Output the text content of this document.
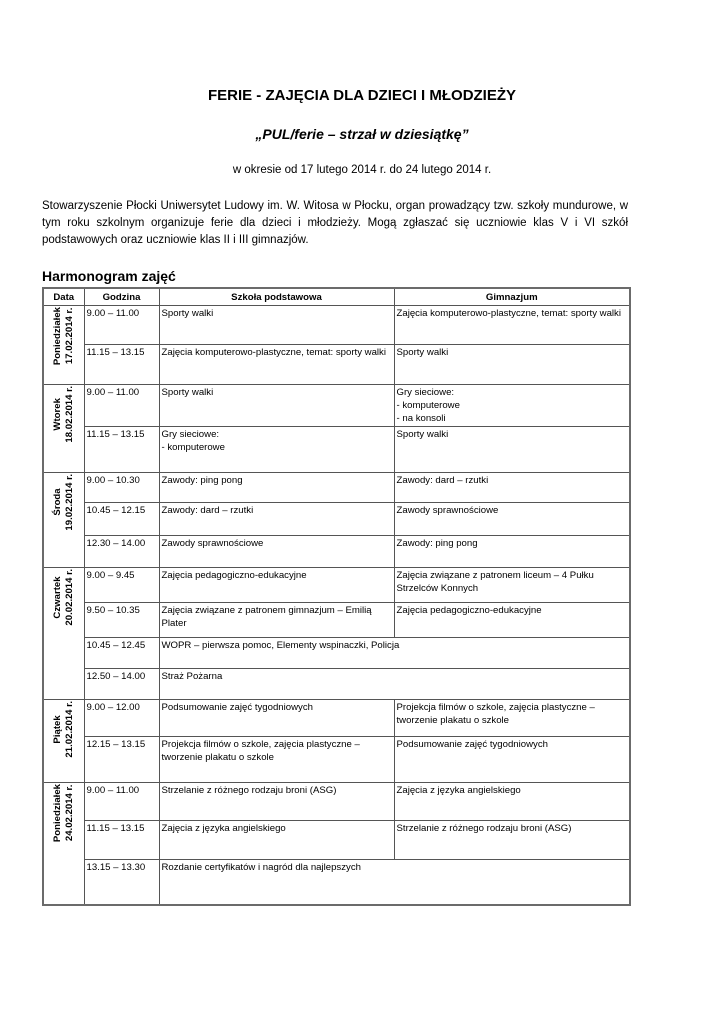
FERIE - ZAJĘCIA DLA DZIECI I MŁODZIEŻY
„PUL/ferie – strzał w dziesiątkę”
w okresie od 17 lutego 2014 r. do 24 lutego 2014 r.
Stowarzyszenie Płocki Uniwersytet Ludowy im. W. Witosa w Płocku, organ prowadzący tzw. szkoły mundurowe, w tym roku szkolnym organizuje ferie dla dzieci i młodzieży. Mogą zgłaszać się uczniowie klas V i VI szkół podstawowych oraz uczniowie klas II i III gimnazjów.
Harmonogram zajęć
Data	Godzina	Szkoła podstawowa	Gimnazjum

Poniedziałek 17.02.2014 r.	9.00 – 11.00	Sporty walki	Zajęcia komputerowo-plastyczne, temat: sporty walki
	11.15 – 13.15	Zajęcia komputerowo-plastyczne, temat: sporty walki	Sporty walki

Wtorek 18.02.2014 r.	9.00 – 11.00	Sporty walki	Gry sieciowe:
- komputerowe
- na konsoli
	11.15 – 13.15	Gry sieciowe:
- komputerowe	Sporty walki

Środa 19.02.2014 r.	9.00 – 10.30	Zawody: ping pong	Zawody: dard – rzutki
	10.45 – 12.15	Zawody: dard – rzutki	Zawody sprawnościowe
	12.30 – 14.00	Zawody sprawnościowe	Zawody: ping pong

Czwartek 20.02.2014 r.	9.00 – 9.45	Zajęcia pedagogiczno-edukacyjne	Zajęcia związane z patronem liceum – 4 Pułku Strzelców Konnych
	9.50 – 10.35	Zajęcia związane z patronem gimnazjum – Emilią Plater	Zajęcia pedagogiczno-edukacyjne
	10.45 – 12.45	WOPR – pierwsza pomoc, Elementy wspinaczki, Policja	
	12.50 – 14.00	Straż Pożarna	

Piątek 21.02.2014 r.	9.00 – 12.00	Podsumowanie zajęć tygodniowych	Projekcja filmów o szkole, zajęcia plastyczne – tworzenie plakatu o szkole
	12.15 – 13.15	Projekcja filmów o szkole, zajęcia plastyczne – tworzenie plakatu o szkole	Podsumowanie zajęć tygodniowych

Poniedziałek 24.02.2014 r.	9.00 – 11.00	Strzelanie z różnego rodzaju broni (ASG)	Zajęcia z języka angielskiego
	11.15 – 13.15	Zajęcia z języka angielskiego	Strzelanie z różnego rodzaju broni (ASG)
	13.15 – 13.30	Rozdanie certyfikatów i nagród dla najlepszych	
